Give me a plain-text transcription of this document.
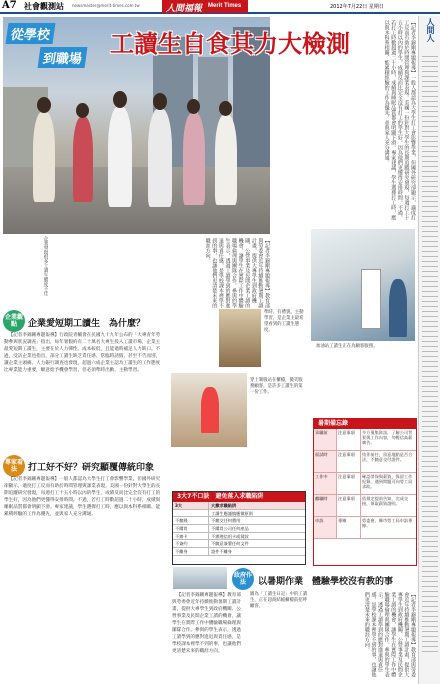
A7 社會觀測站 newsmaster@merit-times.com.tw	人間福報 Merit Times	2012年7月22日 星期日
人間人
從學校
到職場
工讀生自食其力大檢測
企業發現很多工讀生態度不佳
【記者李錦剛專題報導】一般人都認為大學生打工會影響學業，但國外研究卻顯示，適度打工反而有助於時間管理與課業表現。美國一份針對大學生的長期追蹤研究發現，每週打工十五小時以內的學生，成績反而比完全沒有打工的學生好，因為他們更懂得安排時間。不過，若打工時數超過二十小時，成績與睡眠品質都會明顯下滑。專家建議，學生選擇打工時，應以與本科系相關、能累積經驗的工作為優先，並與家人充分溝通。
【記者李錦剛專題報導】教育部與勞委會近年持續推動暑期工讀計畫，提供大專學生到政府機關、公營事業及民間企業工讀的機會，讓學生在實際工作中體驗職場倫理與團隊合作。參與的學生表示，透過工讀學到的應對進退與責任感，是學校課本裡學不到的事，也讓他們更清楚未來的職涯方向。
企業觀點	企業愛短期工讀生　為什麼？

【記者李錦剛專題報導】行政院青輔會在民國九十九年公布的「大專青年勞動參與狀況調查」指出，每年暑假約有二十萬名大專生投入工讀市場，企業主最愛短期工讀生，主要在於人力彈性、成本較低，且能適時補足人力缺口。不過，受訪企業也指出，部分工讀生缺乏責任感、常臨時請假，甚至不告而別，讓企業主頭痛。人力銀行調查也發現，超過六成企業主認為工讀生的工作態度比專業能力重要，願意給予機會學習，但必須準時出勤、主動學習。

準時、有禮貌、主動學習，是企業主最希望看到的工讀生態度。
加油站工讀生正在為顧客服務。
穿上制服站在櫃檯，微笑服務顧客，是許多工讀生的第一份工作。
專家看法	打工好不好？研究顯覆傳統印象

【記者李錦剛專題報導】一般人都認為大學生打工會影響學業，但國外研究卻顯示，適度打工反而有助於時間管理與課業表現。美國一份針對大學生的長期追蹤研究發現，每週打工十五小時以內的學生，成績反而比完全沒有打工的學生好，因為他們更懂得安排時間。不過，若打工時數超過二十小時，成績與睡眠品質都會明顯下滑。專家建議，學生選擇打工時，應以與本科系相關、能累積經驗的工作為優先，並與家人充分溝通。

3大7不口訣　避免落入求職陷阱
3大	大撒求職陷阱
工讀生應謹慎應徵原則
不繳錢	不繳交任何費用
不購買	不購買公司任何產品
不辦卡	不辦理信用卡或貸款
不簽約	不隨意簽署任何文件
不離身	證件不離身
暑期備忘錄
求職前	注意事項	多方蒐集資訊，了解公司背景與工作內容，勿輕信高薪廣告。
面試時	注意事項	結伴前往，留意地點是否合法，不隨意交付證件。
工作中	注意事項	確認勞保與薪資，保留工作紀錄，遇到問題可向勞工局求助。
離職時	注意事項	依規定提前告知，完成交接，領取薪資證明。
申訴	專線	勞委會、縣市勞工局申訴專線。
政府作法	以暑期作業　體驗學校沒有教的事

【記者李錦剛專題報導】教育部與勞委會近年持續推動暑期工讀計畫，提供大專學生到政府機關、公營事業及民間企業工讀的機會，讓學生在實際工作中體驗職場倫理與團隊合作。參與的學生表示，透過工讀學到的應對進退與責任感，是學校課本裡學不到的事，也讓他們更清楚未來的職涯方向。

圖為「工讀生日記」中的工讀生，正在超商結帳櫃檯前招呼顧客。	【記者李錦剛專題報導】教育部與勞委會近年持續推動暑期工讀計畫，提供大專學生到政府機關、公營事業及民間企業工讀的機會，讓學生在實際工作中體驗職場倫理與團隊合作。參與的學生表示，透過工讀學到的應對進退與責任感，是學校課本裡學不到的事，也讓他們更清楚未來的職涯方向。
